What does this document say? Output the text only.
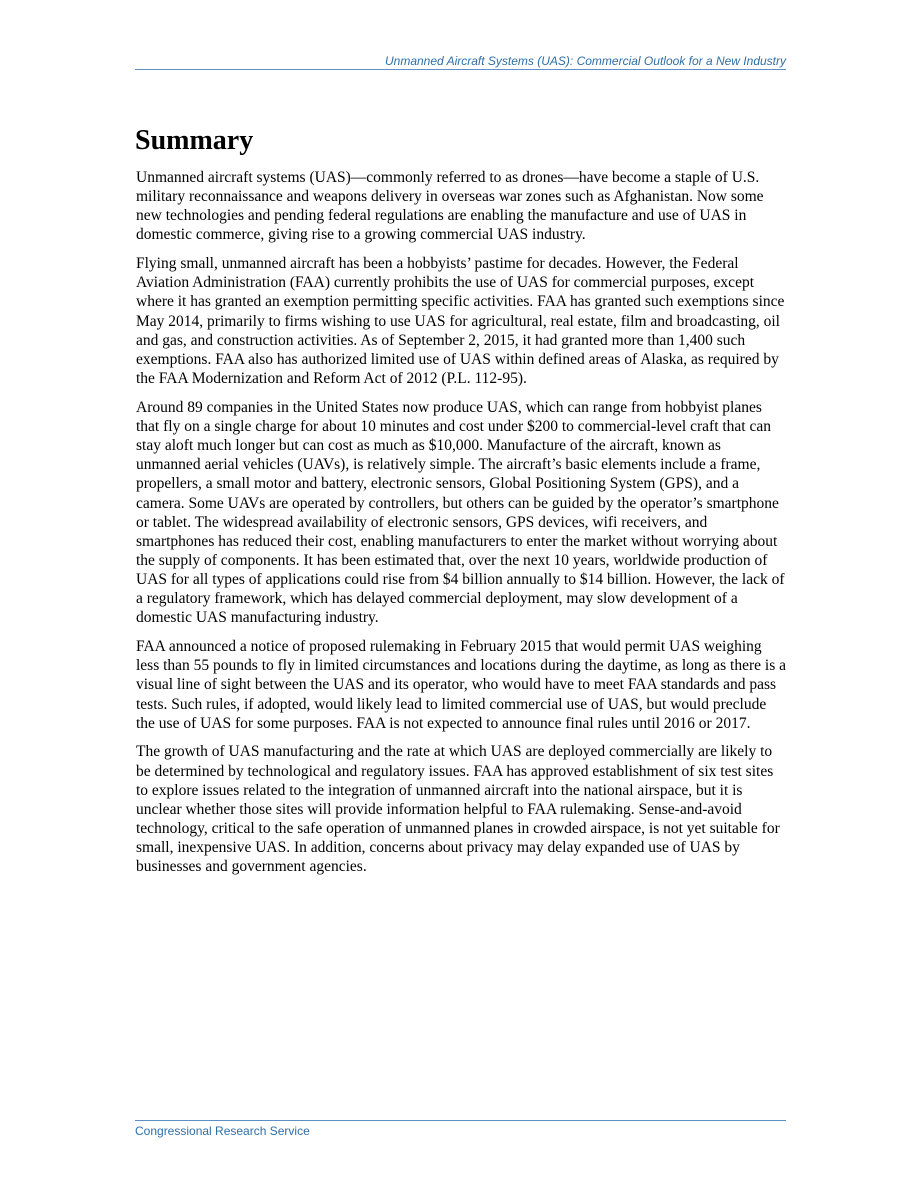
Unmanned Aircraft Systems (UAS): Commercial Outlook for a New Industry
Summary

Unmanned aircraft systems (UAS)—commonly referred to as drones—have become a staple of U.S. military reconnaissance and weapons delivery in overseas war zones such as Afghanistan. Now some new technologies and pending federal regulations are enabling the manufacture and use of UAS in domestic commerce, giving rise to a growing commercial UAS industry.

Flying small, unmanned aircraft has been a hobbyists’ pastime for decades. However, the Federal Aviation Administration (FAA) currently prohibits the use of UAS for commercial purposes, except where it has granted an exemption permitting specific activities. FAA has granted such exemptions since May 2014, primarily to firms wishing to use UAS for agricultural, real estate, film and broadcasting, oil and gas, and construction activities. As of September 2, 2015, it had granted more than 1,400 such exemptions. FAA also has authorized limited use of UAS within defined areas of Alaska, as required by the FAA Modernization and Reform Act of 2012 (P.L. 112-95).

Around 89 companies in the United States now produce UAS, which can range from hobbyist planes that fly on a single charge for about 10 minutes and cost under $200 to commercial-level craft that can stay aloft much longer but can cost as much as $10,000. Manufacture of the aircraft, known as unmanned aerial vehicles (UAVs), is relatively simple. The aircraft’s basic elements include a frame, propellers, a small motor and battery, electronic sensors, Global Positioning System (GPS), and a camera. Some UAVs are operated by controllers, but others can be guided by the operator’s smartphone or tablet. The widespread availability of electronic sensors, GPS devices, wifi receivers, and smartphones has reduced their cost, enabling manufacturers to enter the market without worrying about the supply of components. It has been estimated that, over the next 10 years, worldwide production of UAS for all types of applications could rise from $4 billion annually to $14 billion. However, the lack of a regulatory framework, which has delayed commercial deployment, may slow development of a domestic UAS manufacturing industry.

FAA announced a notice of proposed rulemaking in February 2015 that would permit UAS weighing less than 55 pounds to fly in limited circumstances and locations during the daytime, as long as there is a visual line of sight between the UAS and its operator, who would have to meet FAA standards and pass tests. Such rules, if adopted, would likely lead to limited commercial use of UAS, but would preclude the use of UAS for some purposes. FAA is not expected to announce final rules until 2016 or 2017.

The growth of UAS manufacturing and the rate at which UAS are deployed commercially are likely to be determined by technological and regulatory issues. FAA has approved establishment of six test sites to explore issues related to the integration of unmanned aircraft into the national airspace, but it is unclear whether those sites will provide information helpful to FAA rulemaking. Sense-and-avoid technology, critical to the safe operation of unmanned planes in crowded airspace, is not yet suitable for small, inexpensive UAS. In addition, concerns about privacy may delay expanded use of UAS by businesses and government agencies.

Congressional Research Service
